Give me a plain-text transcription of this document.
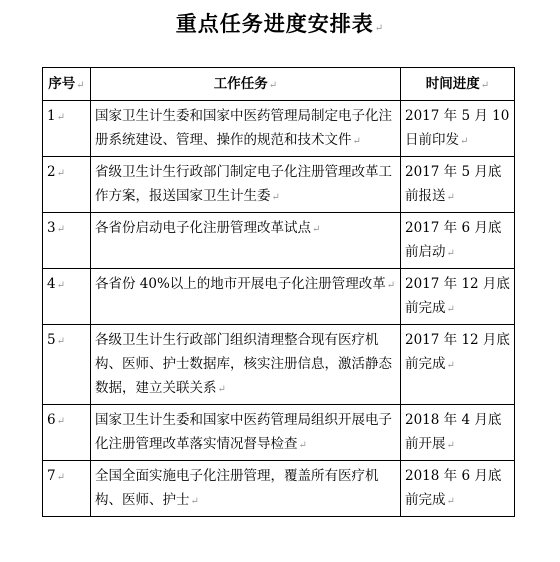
重点任务进度安排表↵
序号↵	工作任务↵	时间进度↵
1↵	国家卫生计生委和国家中医药管理局制定电子化注册系统建设、管理、操作的规范和技术文件↵	2017 年 5 月 10 日前印发↵
2↵	省级卫生计生行政部门制定电子化注册管理改革工作方案，报送国家卫生计生委↵	2017 年 5 月底前报送↵
3↵	各省份启动电子化注册管理改革试点↵	2017 年 6 月底前启动↵
4↵	各省份 40%以上的地市开展电子化注册管理改革↵	2017 年 12 月底前完成↵
5↵	各级卫生计生行政部门组织清理整合现有医疗机构、医师、护士数据库，核实注册信息，激活静态数据，建立关联关系↵	2017 年 12 月底前完成↵
6↵	国家卫生计生委和国家中医药管理局组织开展电子化注册管理改革落实情况督导检查↵	2018 年 4 月底前开展↵
7↵	全国全面实施电子化注册管理，覆盖所有医疗机构、医师、护士↵	2018 年 6 月底前完成↵
